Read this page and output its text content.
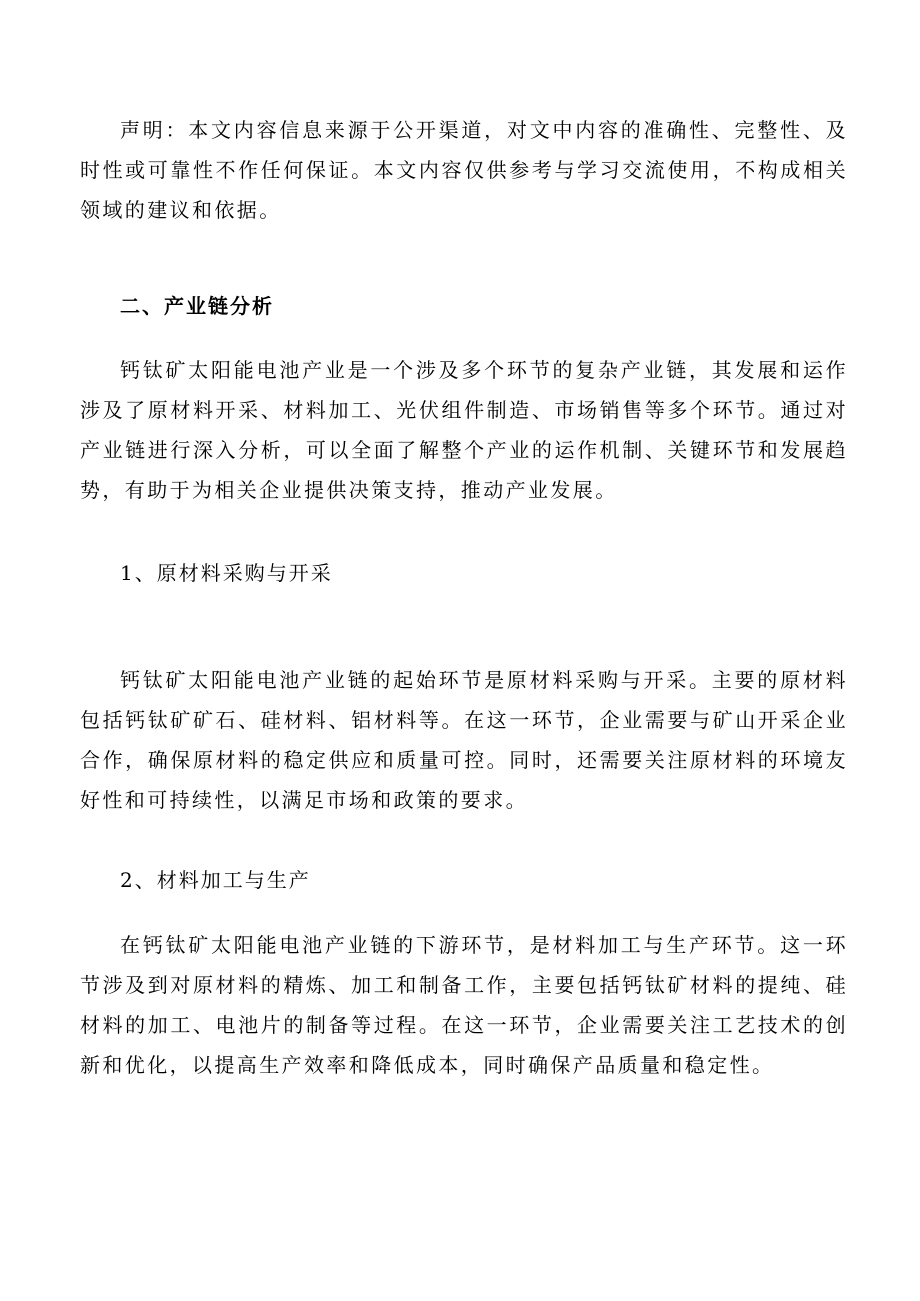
声明：本文内容信息来源于公开渠道，对文中内容的准确性、完整性、及时性或可靠性不作任何保证。本文内容仅供参考与学习交流使用，不构成相关领域的建议和依据。

二、产业链分析

钙钛矿太阳能电池产业是一个涉及多个环节的复杂产业链，其发展和运作涉及了原材料开采、材料加工、光伏组件制造、市场销售等多个环节。通过对产业链进行深入分析，可以全面了解整个产业的运作机制、关键环节和发展趋势，有助于为相关企业提供决策支持，推动产业发展。

1、原材料采购与开采

钙钛矿太阳能电池产业链的起始环节是原材料采购与开采。主要的原材料包括钙钛矿矿石、硅材料、铝材料等。在这一环节，企业需要与矿山开采企业合作，确保原材料的稳定供应和质量可控。同时，还需要关注原材料的环境友好性和可持续性，以满足市场和政策的要求。

2、材料加工与生产

在钙钛矿太阳能电池产业链的下游环节，是材料加工与生产环节。这一环节涉及到对原材料的精炼、加工和制备工作，主要包括钙钛矿材料的提纯、硅材料的加工、电池片的制备等过程。在这一环节，企业需要关注工艺技术的创新和优化，以提高生产效率和降低成本，同时确保产品质量和稳定性。
